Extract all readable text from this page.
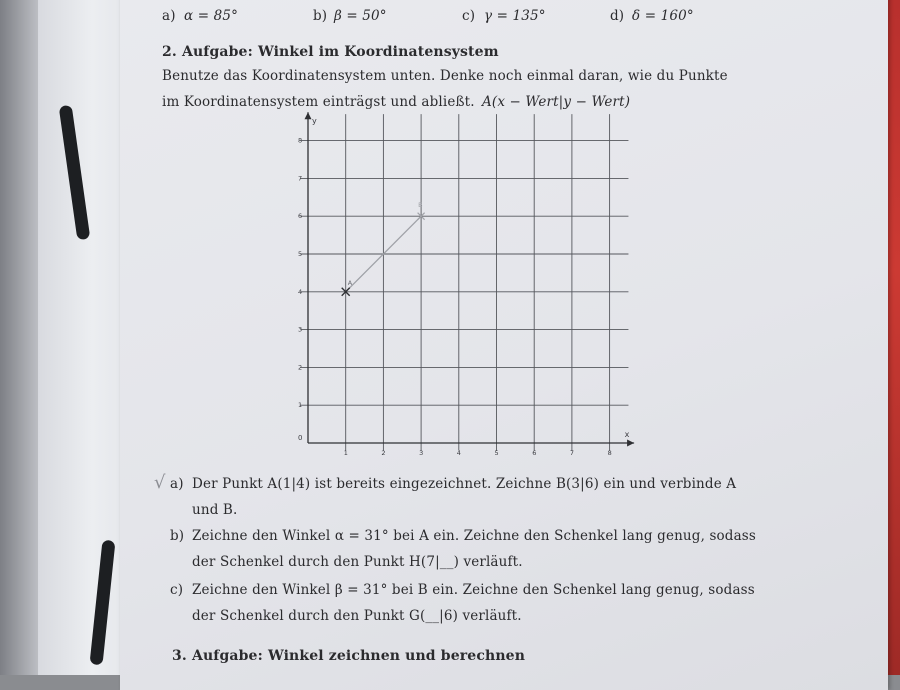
a) α = 85°	b) β = 50°	c) γ = 135°	d) δ = 160°
2. Aufgabe: Winkel im Koordinatensystem
Benutze das Koordinatensystem unten. Denke noch einmal daran, wie du Punkte
im Koordinatensystem einträgst und abließt. A(x − Wert|y − Wert)
x
y
0
1	2	3	4	5	6	7	8
1
2
3
4
5
6
7
8
A
B
√ a) Der Punkt A(1|4) ist bereits eingezeichnet. Zeichne B(3|6) ein und verbinde A
und B.
b) Zeichne den Winkel α = 31° bei A ein. Zeichne den Schenkel lang genug, sodass
der Schenkel durch den Punkt H(7|__) verläuft.
c) Zeichne den Winkel β = 31° bei B ein. Zeichne den Schenkel lang genug, sodass
der Schenkel durch den Punkt G(__|6) verläuft.
3. Aufgabe: Winkel zeichnen und berechnen
